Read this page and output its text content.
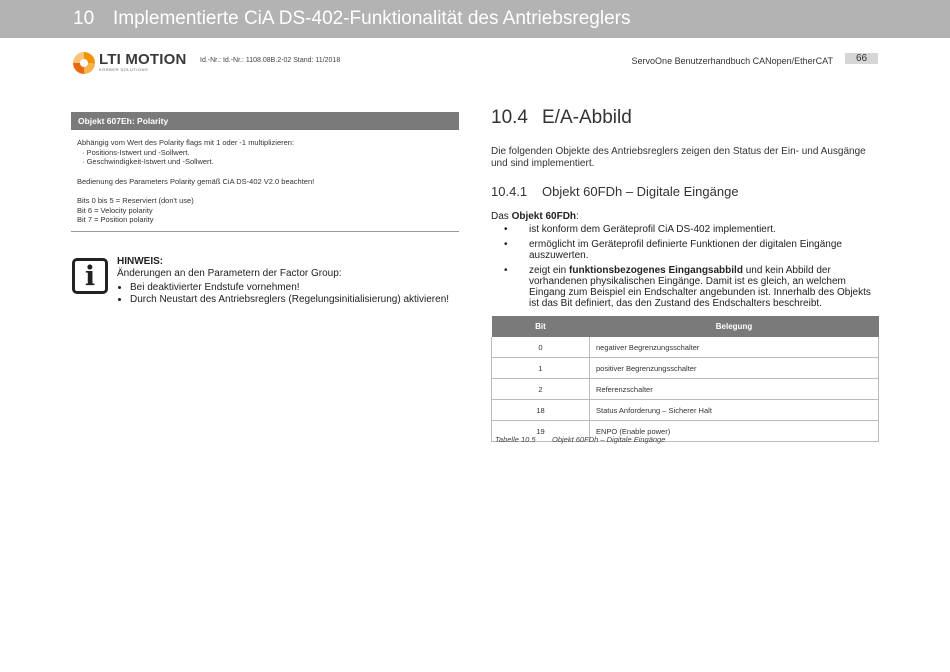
10 Implementierte CiA DS-402-Funktionalität des Antriebsreglers
LTI MOTION
KÖRBER SOLUTIONS
Id.-Nr.: Id.-Nr.: 1108.08B.2-02 Stand: 11/2018	ServoOne Benutzerhandbuch CANopen/EtherCAT	66
Objekt 607Eh: Polarity
Abhängig vom Wert des Polarity flags mit 1 oder -1 multiplizieren:
· Positions-Istwert und -Sollwert.
· Geschwindigkeit-Istwert und -Sollwert.
Bedienung des Parameters Polarity gemäß CiA DS-402 V2.0 beachten!
Bits 0 bis 5 = Reserviert (don't use)
Bit 6 = Velocity polarity
Bit 7 = Position polarity
i	HINWEIS:
Änderungen an den Parametern der Factor Group:
• Bei deaktivierter Endstufe vornehmen!
• Durch Neustart des Antriebsreglers (Regelungsinitialisierung) aktivieren!
10.4 E/A-Abbild
Die folgenden Objekte des Antriebsreglers zeigen den Status der Ein- und Ausgänge und sind implementiert.
10.4.1 Objekt 60FDh – Digitale Eingänge
Das Objekt 60FDh:
• ist konform dem Geräteprofil CiA DS-402 implementiert.
• ermöglicht im Geräteprofil definierte Funktionen der digitalen Eingänge auszuwerten.
• zeigt ein funktionsbezogenes Eingangsabbild und kein Abbild der vorhandenen physikalischen Eingänge. Damit ist es gleich, an welchem Eingang zum Beispiel ein Endschalter angebunden ist. Innerhalb des Objekts ist das Bit definiert, das den Zustand des Endschalters beschreibt.
Bit	Belegung
0	negativer Begrenzungsschalter
1	positiver Begrenzungsschalter
2	Referenzschalter
18	Status Anforderung – Sicherer Halt
19	ENPO (Enable power)
Tabelle 10.5 Objekt 60FDh – Digitale Eingänge
